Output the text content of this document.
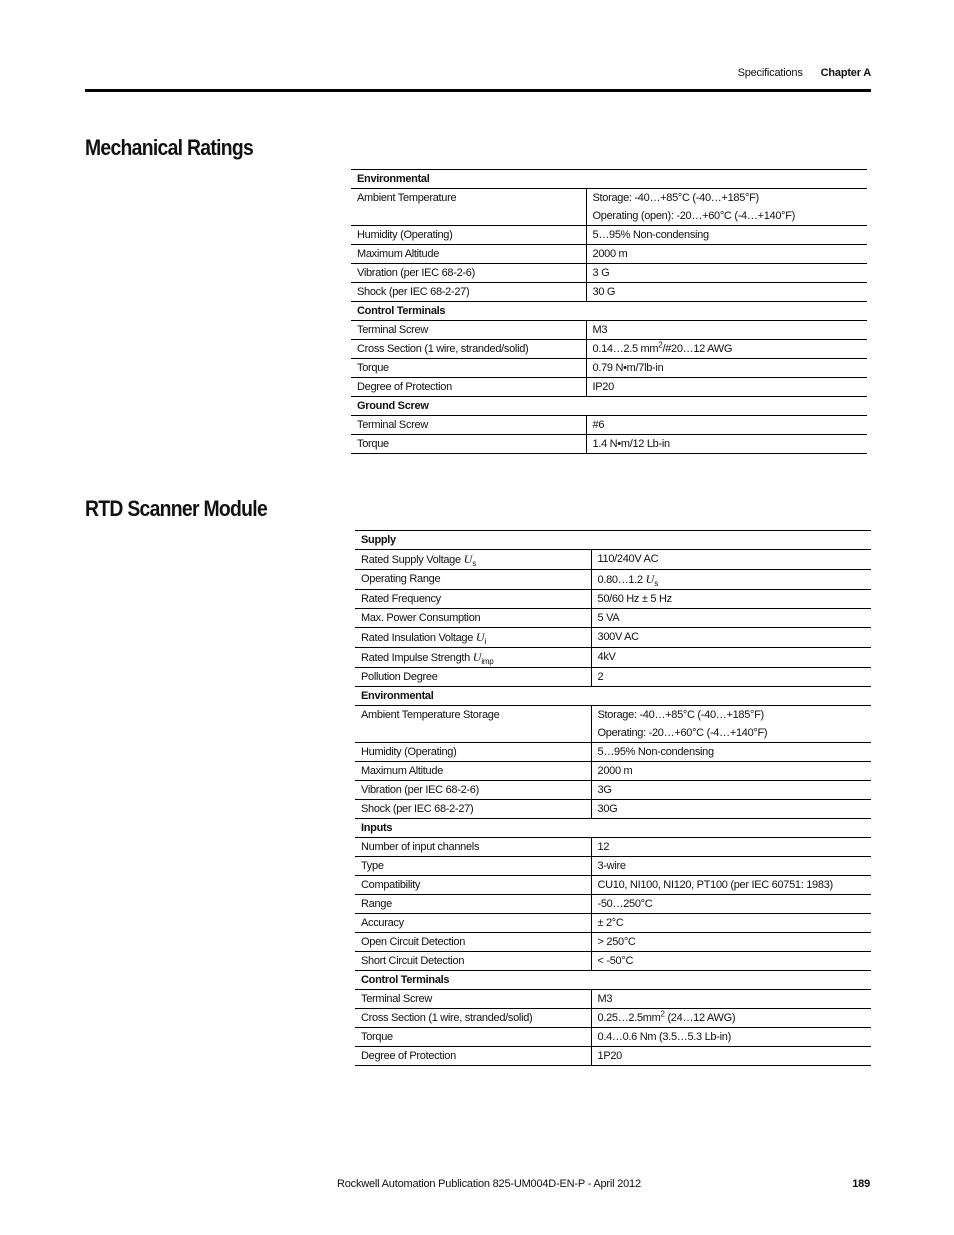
Specifications Chapter A
Mechanical Ratings
Environmental	
Ambient Temperature	Storage: -40…+85°C (-40…+185°F)
Operating (open): -20…+60°C (-4…+140°F)

Humidity (Operating)	5…95% Non-condensing
Maximum Altitude	2000 m
Vibration (per IEC 68-2-6)	3 G
Shock (per IEC 68-2-27)	30 G
Control Terminals	
Terminal Screw	M3
Cross Section (1 wire, stranded/solid)	0.14…2.5 $mm^2/\#20\dots 12$ AWG
Torque	0.79 N•m/7lb-in
Degree of Protection	IP20
Ground Screw	
Terminal Screw	#6
Torque	1.4 N•m/12 Lb-in
RTD Scanner Module
Supply	
Rated Supply Voltage $U_s$	110/240V AC
Operating Range	0.80…1.2 $U_s$
Rated Frequency	50/60 Hz ± 5 Hz
Max. Power Consumption	5 VA
Rated Insulation Voltage $U_i$	300V AC
Rated Impulse Strength $U_{imp}$	4kV
Pollution Degree	2
Environmental	
Ambient Temperature Storage	Storage: -40…+85°C (-40…+185°F)
Operating: -20…+60°C (-4…+140°F)

Humidity (Operating)	5…95% Non-condensing
Maximum Altitude	2000 m
Vibration (per IEC 68-2-6)	3G
Shock (per IEC 68-2-27)	30G
Inputs	
Number of input channels	12
Type	3-wire
Compatibility	CU10, NI100, NI120, PT100 (per IEC 60751: 1983)
Range	-50…250°C
Accuracy	± 2°C
Open Circuit Detection	> 250°C
Short Circuit Detection	< -50°C
Control Terminals	
Terminal Screw	M3
Cross Section (1 wire, stranded/solid)	$0.25\dots 2.5mm^2$ (24…12 AWG)
Torque	0.4…0.6 Nm (3.5…5.3 Lb-in)
Degree of Protection	1P20
Rockwell Automation Publication 825-UM004D-EN-P - April 2012	189
